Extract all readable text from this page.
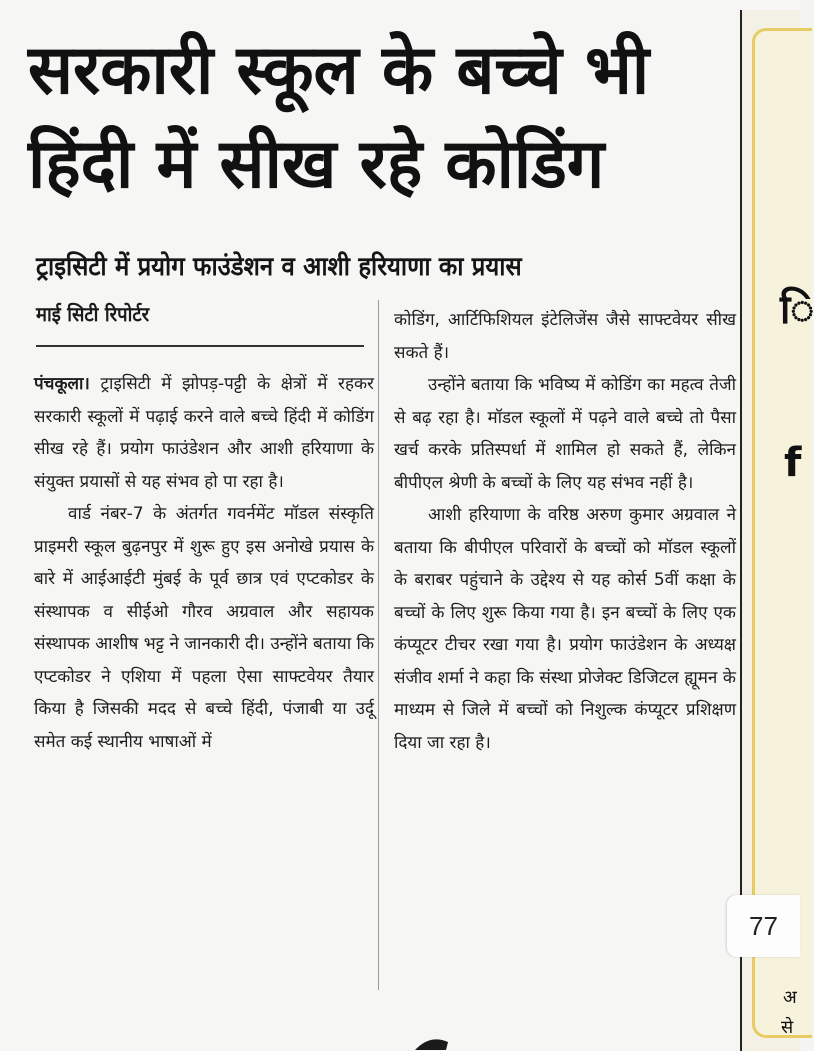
सरकारी स्कूल के बच्चे भी
हिंदी में सीख रहे कोडिंग
ट्राइसिटी में प्रयोग फाउंडेशन व आशी हरियाणा का प्रयास
माई सिटी रिपोर्टर

पंचकूला। ट्राइसिटी में झोपड़-पट्टी के क्षेत्रों में रहकर सरकारी स्कूलों में पढ़ाई करने वाले बच्चे हिंदी में कोडिंग सीख रहे हैं। प्रयोग फाउंडेशन और आशी हरियाणा के संयुक्त प्रयासों से यह संभव हो पा रहा है।

वार्ड नंबर-7 के अंतर्गत गवर्नमेंट मॉडल संस्कृति प्राइमरी स्कूल बुढ़नपुर में शुरू हुए इस अनोखे प्रयास के बारे में आईआईटी मुंबई के पूर्व छात्र एवं एप्टकोडर के संस्थापक व सीईओ गौरव अग्रवाल और सहायक संस्थापक आशीष भट्ट ने जानकारी दी। उन्होंने बताया कि एप्टकोडर ने एशिया में पहला ऐसा साफ्टवेयर तैयार किया है जिसकी मदद से बच्चे हिंदी, पंजाबी या उर्दू समेत कई स्थानीय भाषाओं में

कोडिंग, आर्टिफिशियल इंटेलिजेंस जैसे साफ्टवेयर सीख सकते हैं।

उन्होंने बताया कि भविष्य में कोडिंग का महत्व तेजी से बढ़ रहा है। मॉडल स्कूलों में पढ़ने वाले बच्चे तो पैसा खर्च करके प्रतिस्पर्धा में शामिल हो सकते हैं, लेकिन बीपीएल श्रेणी के बच्चों के लिए यह संभव नहीं है।

आशी हरियाणा के वरिष्ठ अरुण कुमार अग्रवाल ने बताया कि बीपीएल परिवारों के बच्चों को मॉडल स्कूलों के बराबर पहुंचाने के उद्देश्य से यह कोर्स 5वीं कक्षा के बच्चों के लिए शुरू किया गया है। इन बच्चों के लिए एक कंप्यूटर टीचर रखा गया है। प्रयोग फाउंडेशन के अध्यक्ष संजीव शर्मा ने कहा कि संस्था प्रोजेक्ट डिजिटल ह्यूमन के माध्यम से जिले में बच्चों को निशुल्क कंप्यूटर प्रशिक्षण दिया जा रहा है।

ि
f
अ
से
77
